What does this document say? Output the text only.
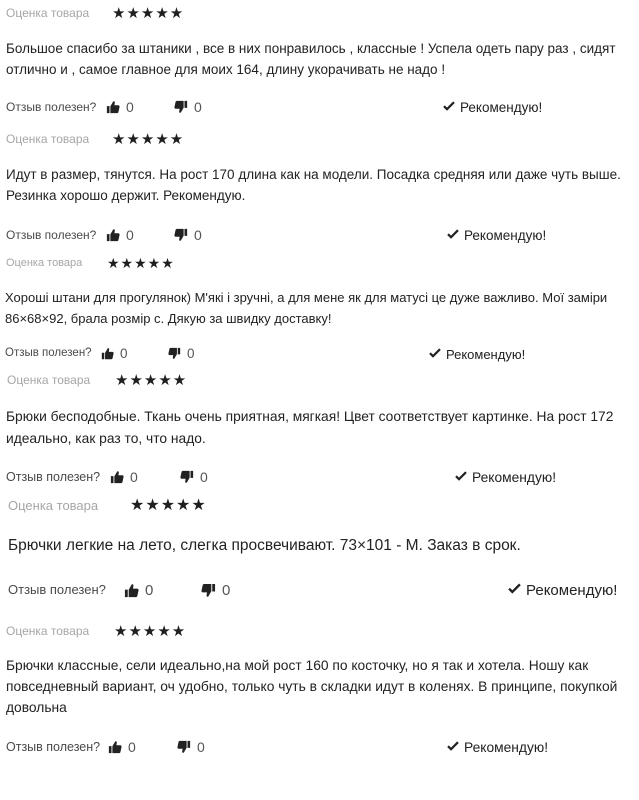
Оценка товара	★★★★★
Большое спасибо за штаники , все в них понравилось , классные ! Успела одеть пару раз , сидят отлично и , самое главное для моих 164, длину укорачивать не надо !
Отзыв полезен? 0	0	Рекомендую!
Оценка товара	★★★★★
Идут в размер, тянутся. На рост 170 длина как на модели. Посадка средняя или даже чуть выше. Резинка хорошо держит. Рекомендую.
Отзыв полезен? 0	0	Рекомендую!
Оценка товара	★★★★★
Хороші штани для прогулянок) М'які і зручні, а для мене як для матусі це дуже важливо. Мої заміри 86×68×92, брала розмір с. Дякую за швидку доставку!
Отзыв полезен? 0	0	Рекомендую!
Оценка товара	★★★★★
Брюки бесподобные. Ткань очень приятная, мягкая! Цвет соответствует картинке. На рост 172 идеально, как раз то, что надо.
Отзыв полезен? 0	0	Рекомендую!
Оценка товара	★★★★★
Брючки легкие на лето, слегка просвечивают. 73×101 - М. Заказ в срок.
Отзыв полезен?	0	0	Рекомендую!
Оценка товара	★★★★★
Брючки классные, сели идеально,на мой рост 160 по косточку, но я так и хотела. Ношу как повседневный вариант, оч удобно, только чуть в складки идут в коленях. В принципе, покупкой довольна
Отзыв полезен? 0	0	Рекомендую!
